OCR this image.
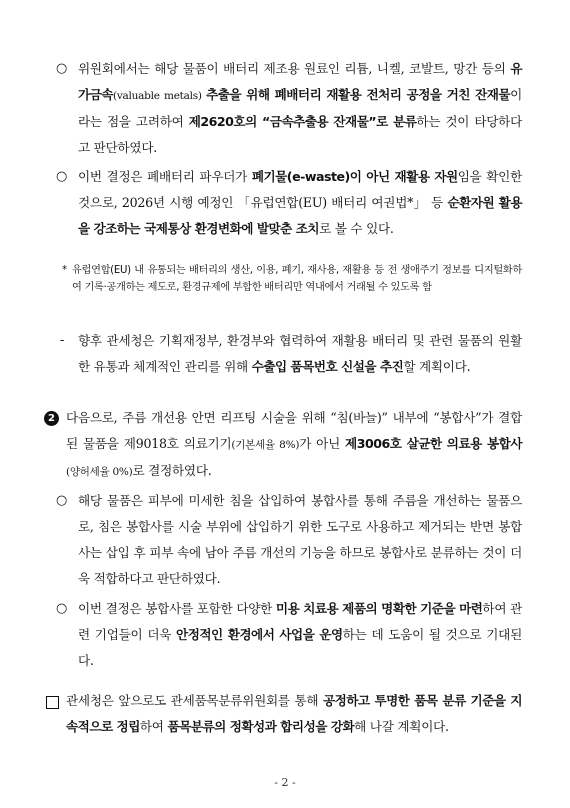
○ 위원회에서는 해당 물품이 배터리 제조용 원료인 리튬, 니켈, 코발트, 망간 등의 유가금속(valuable metals) 추출을 위해 폐배터리 재활용 전처리 공정을 거친 잔재물이라는 점을 고려하여 제2620호의 “금속추출용 잔재물”로 분류하는 것이 타당하다고 판단하였다.
○ 이번 결정은 폐배터리 파우더가 폐기물(e-waste)이 아닌 재활용 자원임을 확인한 것으로, 2026년 시행 예정인 「유럽연합(EU) 배터리 여권법*」 등 순환자원 활용을 강조하는 국제통상 환경변화에 발맞춘 조치로 볼 수 있다.
* 유럽연합(EU) 내 유통되는 배터리의 생산, 이용, 폐기, 재사용, 재활용 등 전 생애주기 정보를 디지털화하여 기록·공개하는 제도로, 환경규제에 부합한 배터리만 역내에서 거래될 수 있도록 함
- 향후 관세청은 기획재정부, 환경부와 협력하여 재활용 배터리 및 관련 물품의 원활한 유통과 체계적인 관리를 위해 수출입 품목번호 신설을 추진할 계획이다.
2 다음으로, 주름 개선용 안면 리프팅 시술을 위해 “침(바늘)” 내부에 “봉합사”가 결합된 물품을 제9018호 의료기기(기본세율 8%)가 아닌 제3006호 살균한 의료용 봉합사(양허세율 0%)로 결정하였다.
○ 해당 물품은 피부에 미세한 침을 삽입하여 봉합사를 통해 주름을 개선하는 물품으로, 침은 봉합사를 시술 부위에 삽입하기 위한 도구로 사용하고 제거되는 반면 봉합사는 삽입 후 피부 속에 남아 주름 개선의 기능을 하므로 봉합사로 분류하는 것이 더욱 적합하다고 판단하였다.
○ 이번 결정은 봉합사를 포함한 다양한 미용 치료용 제품의 명확한 기준을 마련하여 관련 기업들이 더욱 안정적인 환경에서 사업을 운영하는 데 도움이 될 것으로 기대된다.
관세청은 앞으로도 관세품목분류위원회를 통해 공정하고 투명한 품목 분류 기준을 지속적으로 정립하여 품목분류의 정확성과 합리성을 강화해 나갈 계획이다.
- 2 -
